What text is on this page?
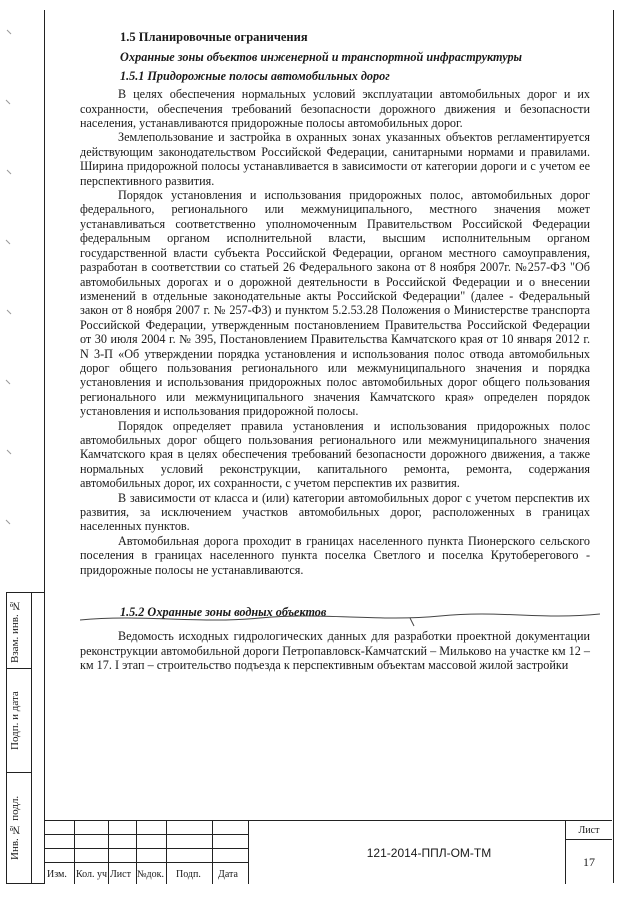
1.5 Планировочные ограничения
Охранные зоны объектов инженерной и транспортной инфраструктуры
1.5.1 Придорожные полосы автомобильных дорог

В целях обеспечения нормальных условий эксплуатации автомобильных дорог и их сохранности, обеспечения требований безопасности дорожного движения и безопасности населения, устанавливаются придорожные полосы автомобильных дорог.

Землепользование и застройка в охранных зонах указанных объектов регламентируется действующим законодательством Российской Федерации, санитарными нормами и правилами. Ширина придорожной полосы устанавливается в зависимости от категории дороги и с учетом ее перспективного развития.

Порядок установления и использования придорожных полос, автомобильных дорог федерального, регионального или межмуниципального, местного значения может устанавливаться соответственно уполномоченным Правительством Российской Федерации федеральным органом исполнительной власти, высшим исполнительным органом государственной власти субъекта Российской Федерации, органом местного самоуправления, разработан в соответствии со статьей 26 Федерального закона от 8 ноября 2007г. №257-ФЗ "Об автомобильных дорогах и о дорожной деятельности в Российской Федерации и о внесении изменений в отдельные законодательные акты Российской Федерации" (далее - Федеральный закон от 8 ноября 2007 г. № 257-ФЗ) и пунктом 5.2.53.28 Положения о Министерстве транспорта Российской Федерации, утвержденным постановлением Правительства Российской Федерации от 30 июля 2004 г. № 395, Постановлением Правительства Камчатского края от 10 января 2012 г. N 3-П «Об утверждении порядка установления и использования полос отвода автомобильных дорог общего пользования регионального или межмуниципального значения и порядка установления и использования придорожных полос автомобильных дорог общего пользования регионального или межмуниципального значения Камчатского края» определен порядок установления и использования придорожной полосы.

Порядок определяет правила установления и использования придорожных полос автомобильных дорог общего пользования регионального или межмуниципального значения Камчатского края в целях обеспечения требований безопасности дорожного движения, а также нормальных условий реконструкции, капитального ремонта, ремонта, содержания автомобильных дорог, их сохранности, с учетом перспектив их развития.

В зависимости от класса и (или) категории автомобильных дорог с учетом перспектив их развития, за исключением участков автомобильных дорог, расположенных в границах населенных пунктов.

Автомобильная дорога проходит в границах населенного пункта Пионерского сельского поселения в границах населенного пункта поселка Светлого и поселка Крутоберегового - придорожные полосы не устанавливаются.

1.5.2 Охранные зоны водных объектов

Ведомость исходных гидрологических данных для разработки проектной документации реконструкции автомобильной дороги Петропавловск-Камчатский – Мильково на участке км 12 – км 17. I этап – строительство подъезда к перспективным объектам массовой жилой застройки

Взам. инв. №
Подп. и дата
Инв. № подл.
Изм. Кол. уч Лист №док. Подп. Дата
121-2014-ППЛ-ОМ-ТМ
Лист
17
